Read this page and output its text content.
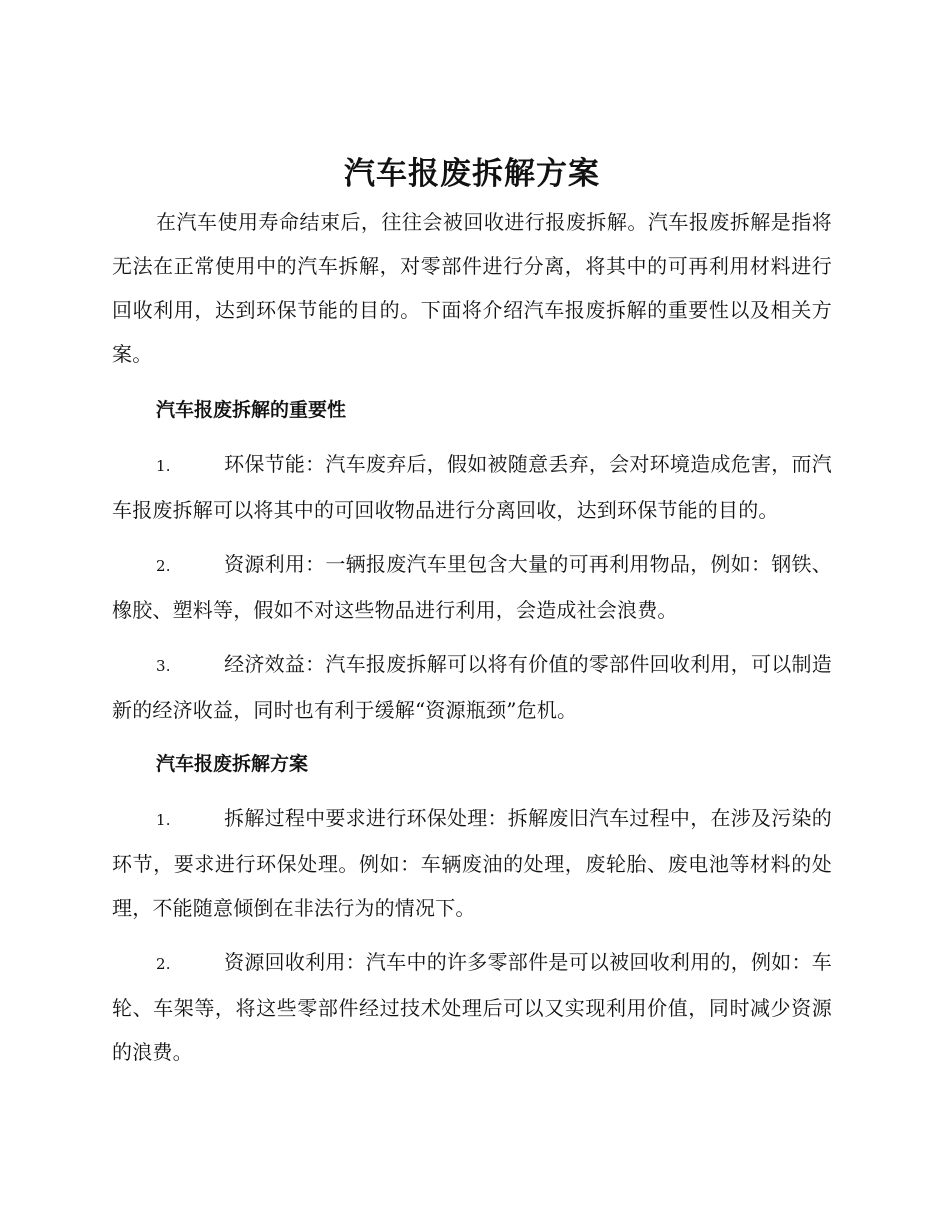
汽车报废拆解方案

在汽车使用寿命结束后，往往会被回收进行报废拆解。汽车报废拆解是指将无法在正常使用中的汽车拆解，对零部件进行分离，将其中的可再利用材料进行回收利用，达到环保节能的目的。下面将介绍汽车报废拆解的重要性以及相关方案。

汽车报废拆解的重要性

1.	环保节能：汽车废弃后，假如被随意丢弃，会对环境造成危害，而汽车报废拆解可以将其中的可回收物品进行分离回收，达到环保节能的目的。

2.	资源利用：一辆报废汽车里包含大量的可再利用物品，例如：钢铁、橡胶、塑料等，假如不对这些物品进行利用，会造成社会浪费。

3.	经济效益：汽车报废拆解可以将有价值的零部件回收利用，可以制造新的经济收益，同时也有利于缓解“资源瓶颈”危机。

汽车报废拆解方案

1.	拆解过程中要求进行环保处理：拆解废旧汽车过程中，在涉及污染的环节，要求进行环保处理。例如：车辆废油的处理，废轮胎、废电池等材料的处理，不能随意倾倒在非法行为的情况下。

2.	资源回收利用：汽车中的许多零部件是可以被回收利用的，例如：车轮、车架等，将这些零部件经过技术处理后可以又实现利用价值，同时减少资源的浪费。
